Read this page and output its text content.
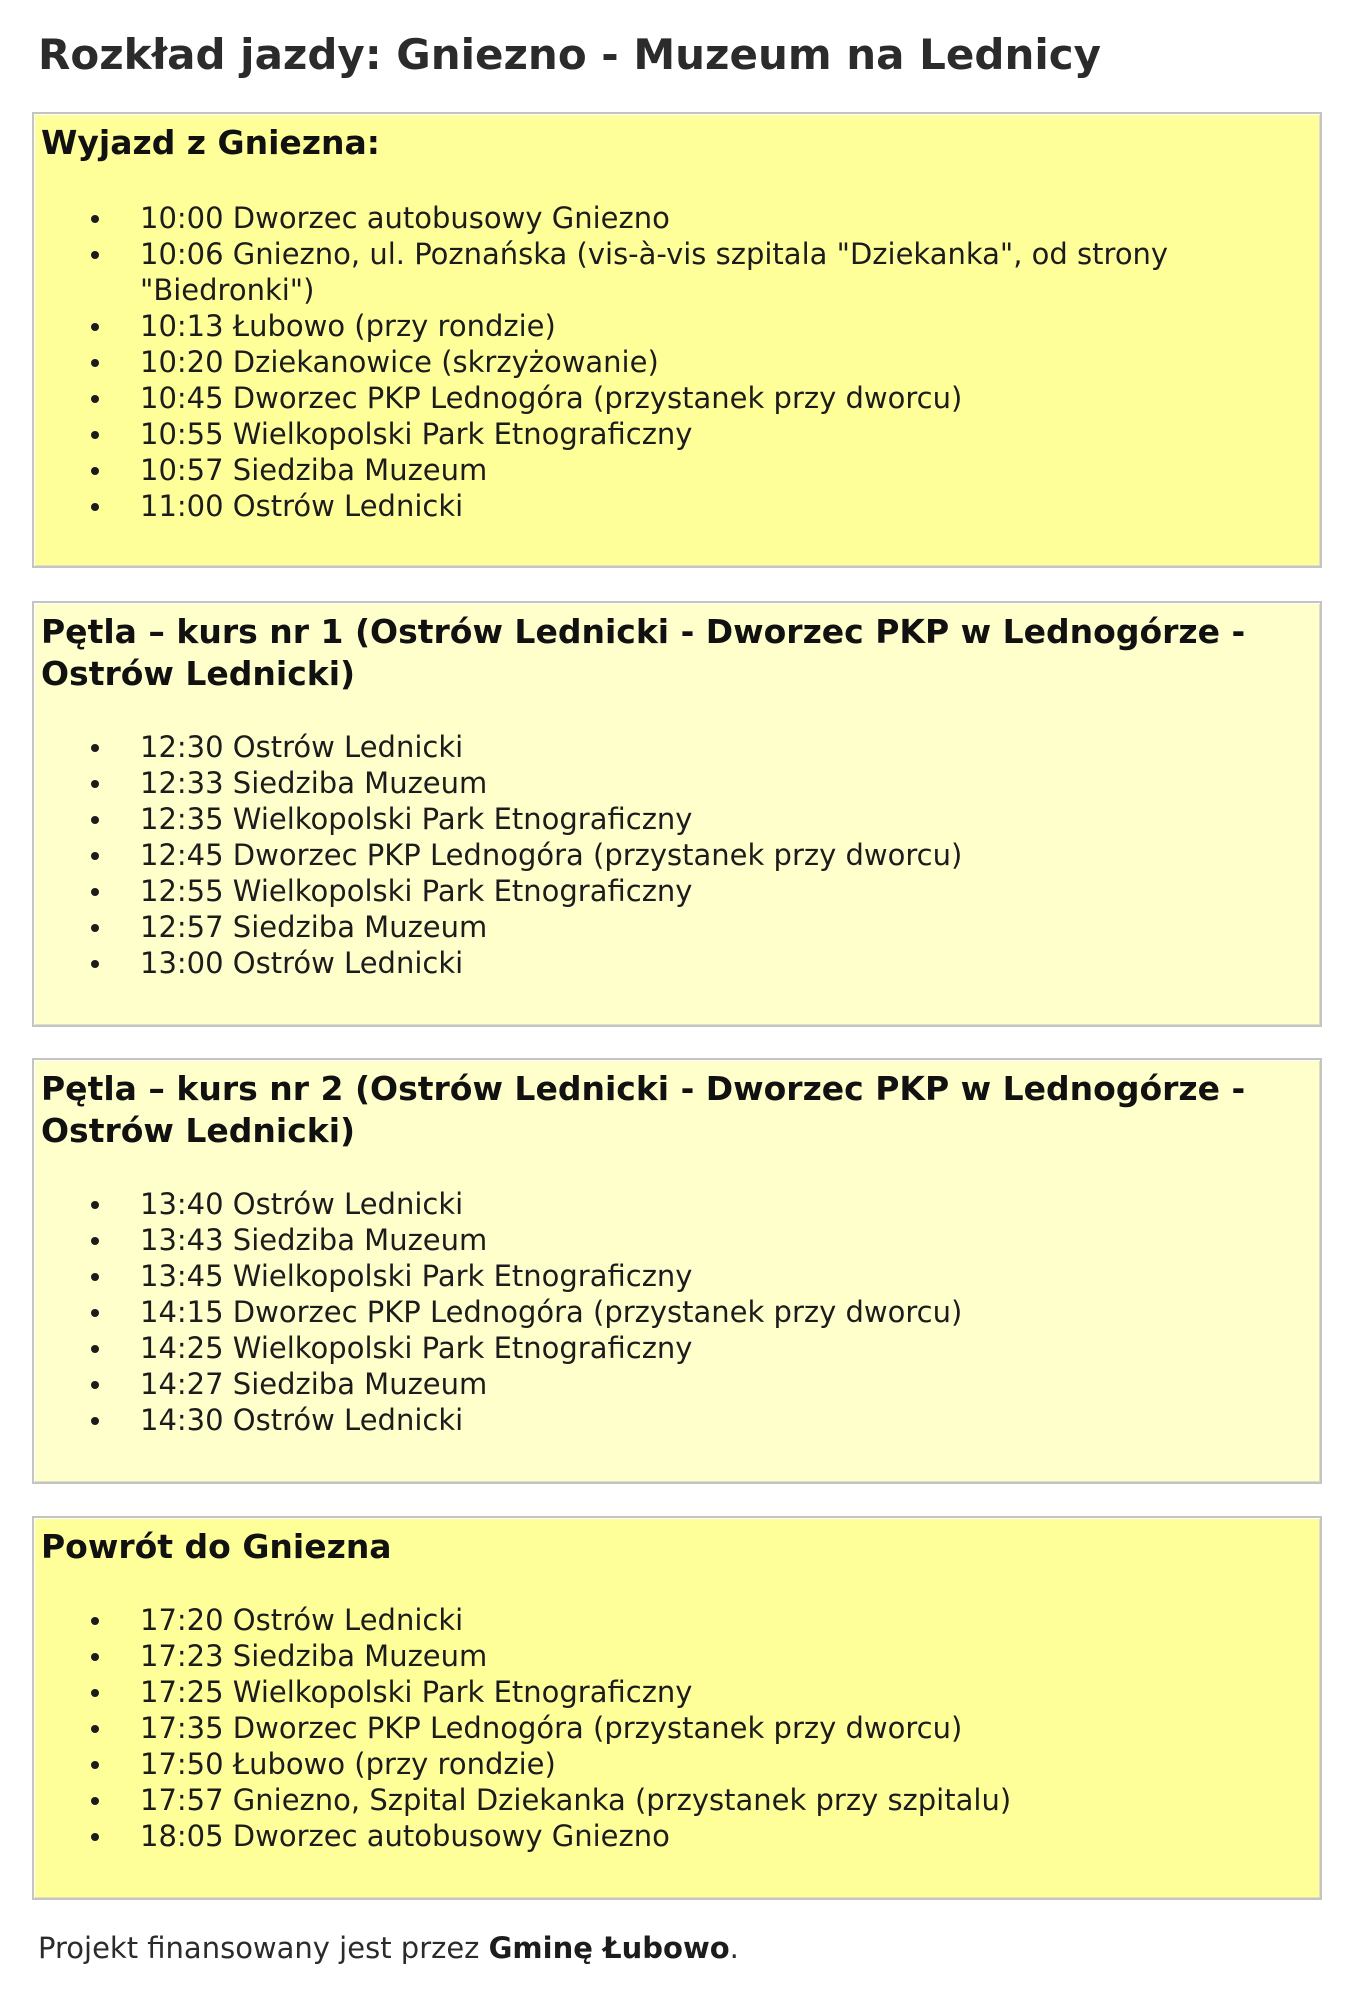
Rozkład jazdy: Gniezno - Muzeum na Lednicy
Wyjazd z Gniezna:
10:00 Dworzec autobusowy Gniezno
10:06 Gniezno, ul. Poznańska (vis-à-vis szpitala "Dziekanka", od strony "Biedronki")
10:13 Łubowo (przy rondzie)
10:20 Dziekanowice (skrzyżowanie)
10:45 Dworzec PKP Lednogóra (przystanek przy dworcu)
10:55 Wielkopolski Park Etnograficzny
10:57 Siedziba Muzeum
11:00 Ostrów Lednicki
Pętla – kurs nr 1 (Ostrów Lednicki - Dworzec PKP w Lednogórze - Ostrów Lednicki)
12:30 Ostrów Lednicki
12:33 Siedziba Muzeum
12:35 Wielkopolski Park Etnograficzny
12:45 Dworzec PKP Lednogóra (przystanek przy dworcu)
12:55 Wielkopolski Park Etnograficzny
12:57 Siedziba Muzeum
13:00 Ostrów Lednicki
Pętla – kurs nr 2 (Ostrów Lednicki - Dworzec PKP w Lednogórze - Ostrów Lednicki)
13:40 Ostrów Lednicki
13:43 Siedziba Muzeum
13:45 Wielkopolski Park Etnograficzny
14:15 Dworzec PKP Lednogóra (przystanek przy dworcu)
14:25 Wielkopolski Park Etnograficzny
14:27 Siedziba Muzeum
14:30 Ostrów Lednicki
Powrót do Gniezna
17:20 Ostrów Lednicki
17:23 Siedziba Muzeum
17:25 Wielkopolski Park Etnograficzny
17:35 Dworzec PKP Lednogóra (przystanek przy dworcu)
17:50 Łubowo (przy rondzie)
17:57 Gniezno, Szpital Dziekanka (przystanek przy szpitalu)
18:05 Dworzec autobusowy Gniezno

Projekt finansowany jest przez Gminę Łubowo.
